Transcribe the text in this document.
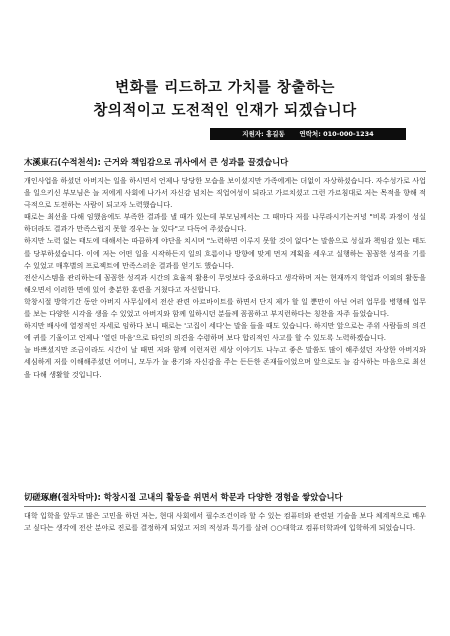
변화를 리드하고 가치를 창출하는
창의적이고 도전적인 인재가 되겠습니다
지원자: 홍길동 연락처: 010-000-1234
木溪東石(수적천석): 근거와 책임감으로 귀사에서 큰 성과를 끌겠습니다

개인사업을 하셨던 아버지는 일을 하시면서 언제나 당당한 모습을 보이셨지만 가족에게는 더없이 자상하셨습니다. 자수성가로 사업을 일으키신 부모님은 늘 저에게 사회에 나가서 자신감 넘치는 직업여성이 되라고 가르치셨고 그런 가르침대로 저는 목적을 향해 적극적으로 도전하는 사람이 되고자 노력했습니다.

때로는 최선을 다해 임했음에도 부족한 결과를 낼 때가 있는데 부모님께서는 그 때마다 저를 나무라시기는커녕 "비록 과정이 성실하더라도 결과가 만족스럽지 못할 경우는 늘 있다"고 다독여 주셨습니다.

하지만 노력 없는 태도에 대해서는 따끔하게 야단을 치시며 "노력하면 이루지 못할 것이 없다"는 말씀으로 성실과 책임감 있는 태도를 당부하셨습니다. 이에 저는 어떤 일을 시작하든지 일의 흐름이나 방향에 맞게 먼저 계획을 세우고 실행하는 꼼꼼한 성격을 기를 수 있었고 매후별의 프로젝트에 만족스러운 결과를 얻기도 했습니다.

전산시스템을 관리하는데 꼼꼼한 성격과 시간의 효율적 활용이 무엇보다 중요하다고 생각하며 저는 현재까지 학업과 이외의 활동을 해오면서 이러한 면에 있어 충분한 훈련을 거쳤다고 자신합니다.

학창시절 방학기간 동안 아버지 사무실에서 전산 관련 아르바이트를 하면서 단지 제가 할 일 뿐만이 아닌 여러 업무를 병행해 업무를 보는 다양한 시각을 생을 수 있었고 아버지와 함께 일하시던 분들께 꼼꼼하고 부지런하다는 칭찬을 자주 들었습니다.

하지만 배사에 열정적인 자세로 임하다 보니 때로는 '고집이 세다'는 말을 들을 때도 있습니다. 하지만 앞으로는 주위 사람들의 의견에 귀를 기울이고 언제나 '열린 마음'으로 타인의 의견을 수렴하며 보다 합리적인 사고를 할 수 있도록 노력하겠습니다.

늘 바쁘셨지만 조금이라도 시간이 날 때면 저와 함께 이런저런 세상 이야기도 나누고 좋은 말씀도 많이 해주셨던 자상한 아버지와 세심하게 저를 이해해주셨던 어머니, 모두가 늘 용기와 자신감을 주는 든든한 존재들이었으며 앞으로도 늘 감사하는 마음으로 최선을 다해 생활할 것입니다.

切磋琢磨(절차탁마): 학창시절 고내의 활동을 위면서 학문과 다양한 경험을 쌓았습니다

대학 입학을 앞두고 많은 고민을 하던 저는, 현대 사회에서 필수조건이라 할 수 있는 컴퓨터와 관련된 기술을 보다 체계적으로 배우고 싶다는 생각에 전산 분야로 진로를 결정하게 되었고 저의 적성과 특기를 살려 ○○대학교 컴퓨터학과에 입학하게 되었습니다.
